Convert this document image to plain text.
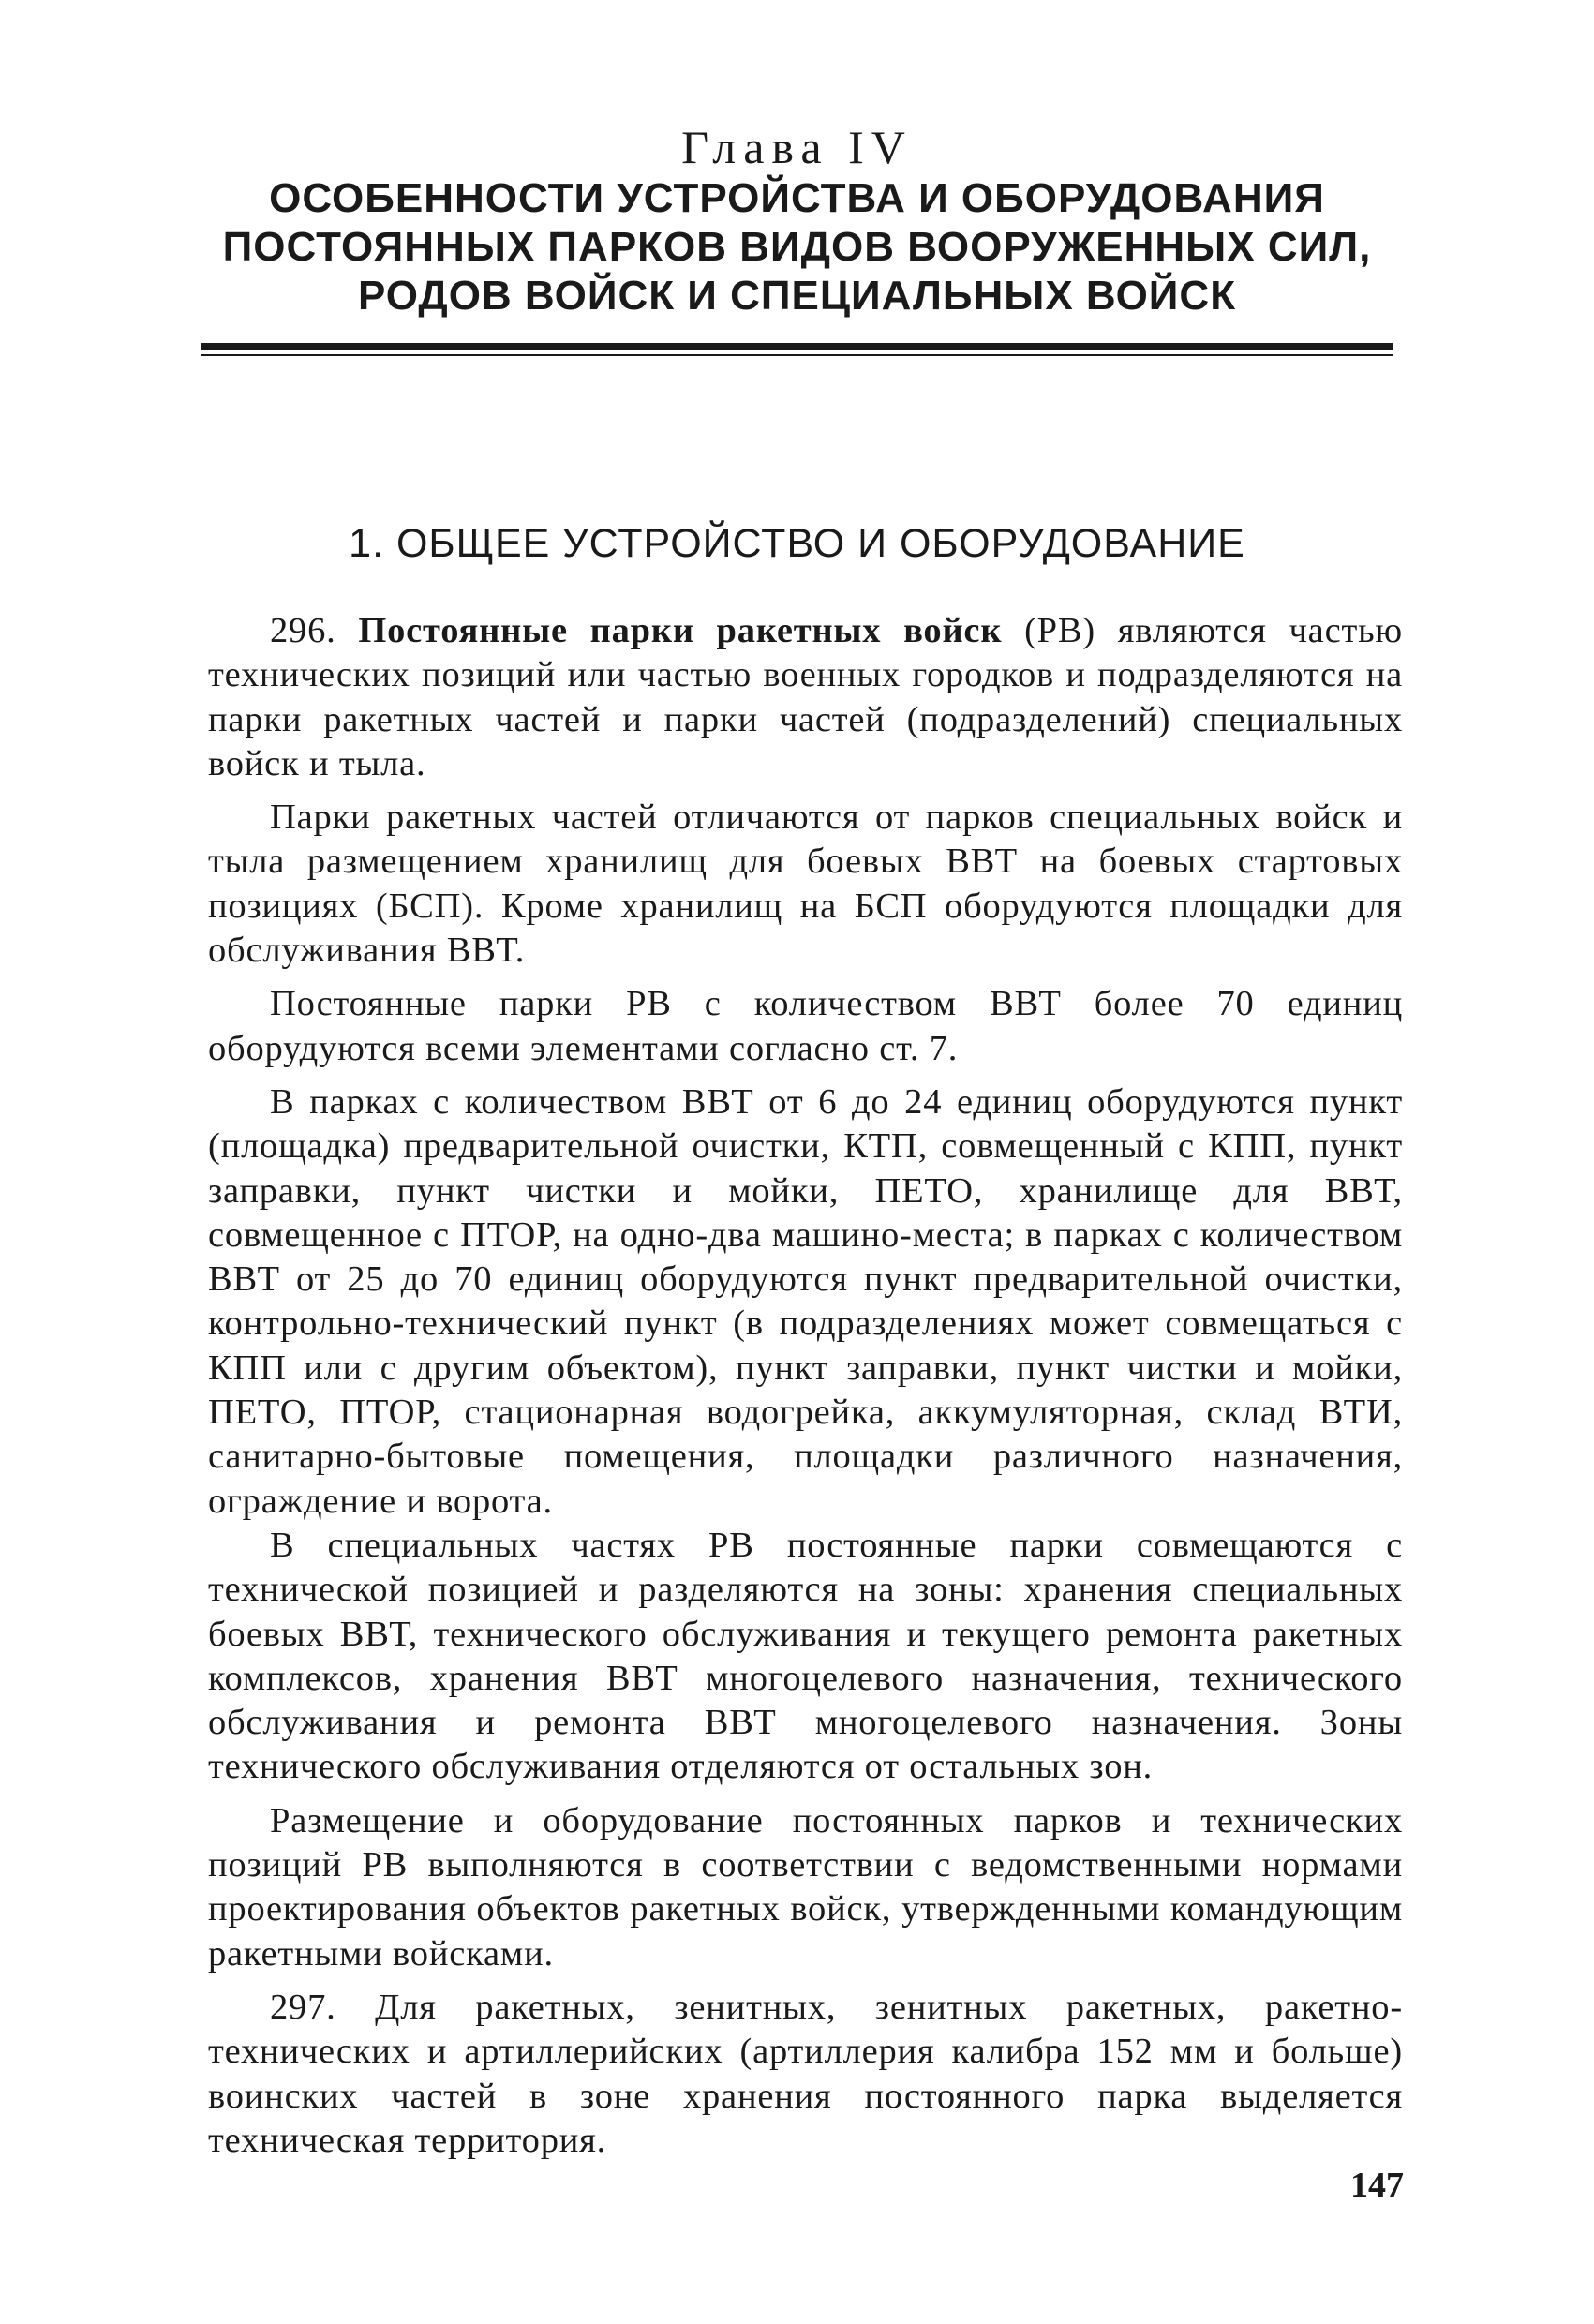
Глава IV
ОСОБЕННОСТИ УСТРОЙСТВА И ОБОРУДОВАНИЯ
ПОСТОЯННЫХ ПАРКОВ ВИДОВ ВООРУЖЕННЫХ СИЛ,
РОДОВ ВОЙСК И СПЕЦИАЛЬНЫХ ВОЙСК
1. ОБЩЕЕ УСТРОЙСТВО И ОБОРУДОВАНИЕ

296. Постоянные парки ракетных войск (РВ) являются частью технических позиций или частью военных городков и подразделяются на парки ракетных частей и парки частей (подразделений) специальных войск и тыла.

Парки ракетных частей отличаются от парков специальных войск и тыла размещением хранилищ для боевых ВВТ на боевых стартовых позициях (БСП). Кроме хранилищ на БСП оборудуются площадки для обслуживания ВВТ.

Постоянные парки РВ с количеством ВВТ более 70 единиц оборудуются всеми элементами согласно ст. 7.

В парках с количеством ВВТ от 6 до 24 единиц оборудуются пункт (площадка) предварительной очистки, КТП, совмещенный с КПП, пункт заправки, пункт чистки и мойки, ПЕТО, хранилище для ВВТ, совмещенное с ПТОР, на одно-два машино-места; в парках с количеством ВВТ от 25 до 70 единиц оборудуются пункт предварительной очистки, контрольно-технический пункт (в подразделениях может совмещаться с КПП или с другим объектом), пункт заправки, пункт чистки и мойки, ПЕТО, ПТОР, стационарная водогрейка, аккумуляторная, склад ВТИ, санитарно-бытовые помещения, площадки различного назначения, ограждение и ворота.

В специальных частях РВ постоянные парки совмещаются с технической позицией и разделяются на зоны: хранения специальных боевых ВВТ, технического обслуживания и текущего ремонта ракетных комплексов, хранения ВВТ многоцелевого назначения, технического обслуживания и ремонта ВВТ многоцелевого назначения. Зоны технического обслуживания отделяются от остальных зон.

Размещение и оборудование постоянных парков и технических позиций РВ выполняются в соответствии с ведомственными нормами проектирования объектов ракетных войск, утвержденными командующим ракетными войсками.

297. Для ракетных, зенитных, зенитных ракетных, ракетно-технических и артиллерийских (артиллерия калибра 152 мм и больше) воинских частей в зоне хранения постоянного парка выделяется техническая территория.

147
